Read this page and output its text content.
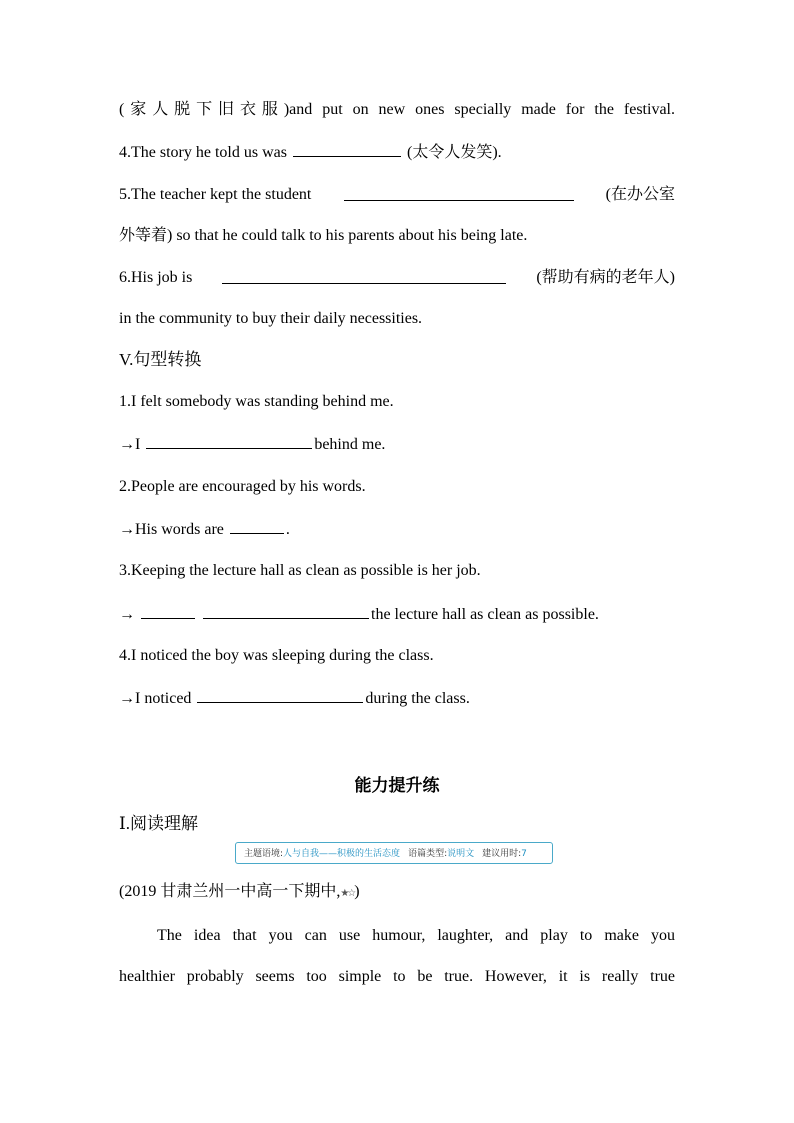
(家人脱下旧衣服)and put on new ones specially made for the festival.
4.The story he told us was	(太令人发笑).
5.The teacher kept the student	(在办公室
外等着) so that he could talk to his parents about his being late.
6.His job is	(帮助有病的老年人)
in the community to buy their daily necessities.
V.句型转换
1.I felt somebody was standing behind me.
→I	behind me.
2.People are encouraged by his words.
→His words are	.
3.Keeping the lecture hall as clean as possible is her job.
→	the lecture hall as clean as possible.
4.I noticed the boy was sleeping during the class.
→I noticed	during the class.
能力提升练
Ⅰ.阅读理解
主题语境:人与自我——积极的生活态度 语篇类型:说明文 建议用时:7
(2019 甘肃兰州一中高一下期中,★☆)
The idea that you can use humour, laughter, and play to make you
healthier probably seems too simple to be true. However, it is really true
